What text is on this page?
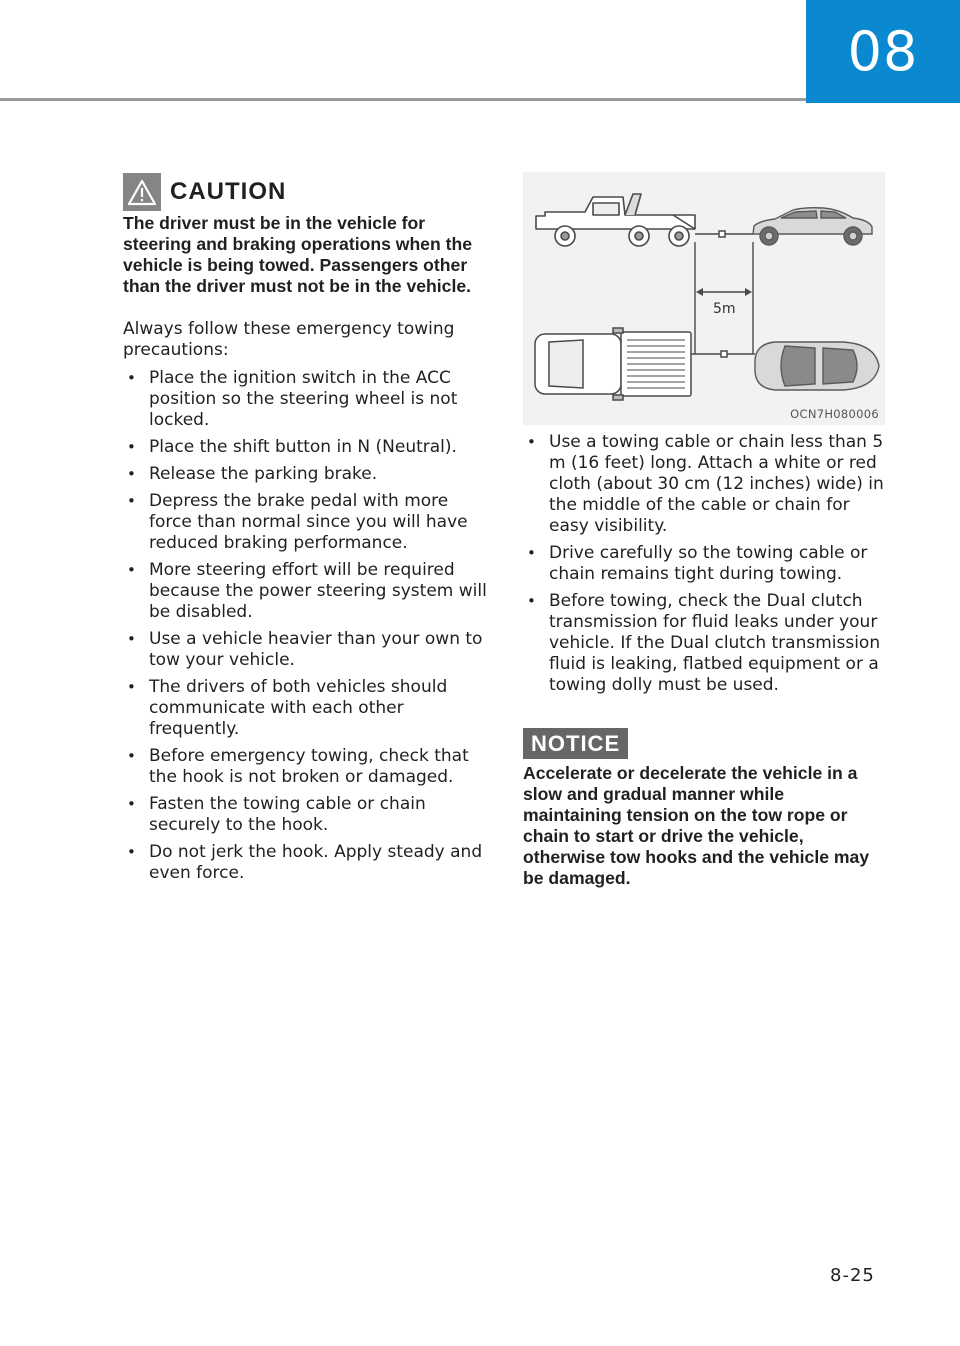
08
CAUTION

The driver must be in the vehicle for steering and braking operations when the vehicle is being towed. Passengers other than the driver must not be in the vehicle.

Always follow these emergency towing precautions:

• Place the ignition switch in the ACC position so the steering wheel is not locked.
• Place the shift button in N (Neutral).
• Release the parking brake.
• Depress the brake pedal with more force than normal since you will have reduced braking performance.
• More steering effort will be required because the power steering system will be disabled.
• Use a vehicle heavier than your own to tow your vehicle.
• The drivers of both vehicles should communicate with each other frequently.
• Before emergency towing, check that the hook is not broken or damaged.
• Fasten the towing cable or chain securely to the hook.
• Do not jerk the hook. Apply steady and even force.
5m
OCN7H080006
• Use a towing cable or chain less than 5 m (16 feet) long. Attach a white or red cloth (about 30 cm (12 inches) wide) in the middle of the cable or chain for easy visibility.
• Drive carefully so the towing cable or chain remains tight during towing.
• Before towing, check the Dual clutch transmission for fluid leaks under your vehicle. If the Dual clutch transmission fluid is leaking, flatbed equipment or a towing dolly must be used.
NOTICE

Accelerate or decelerate the vehicle in a slow and gradual manner while maintaining tension on the tow rope or chain to start or drive the vehicle, otherwise tow hooks and the vehicle may be damaged.

8-25
